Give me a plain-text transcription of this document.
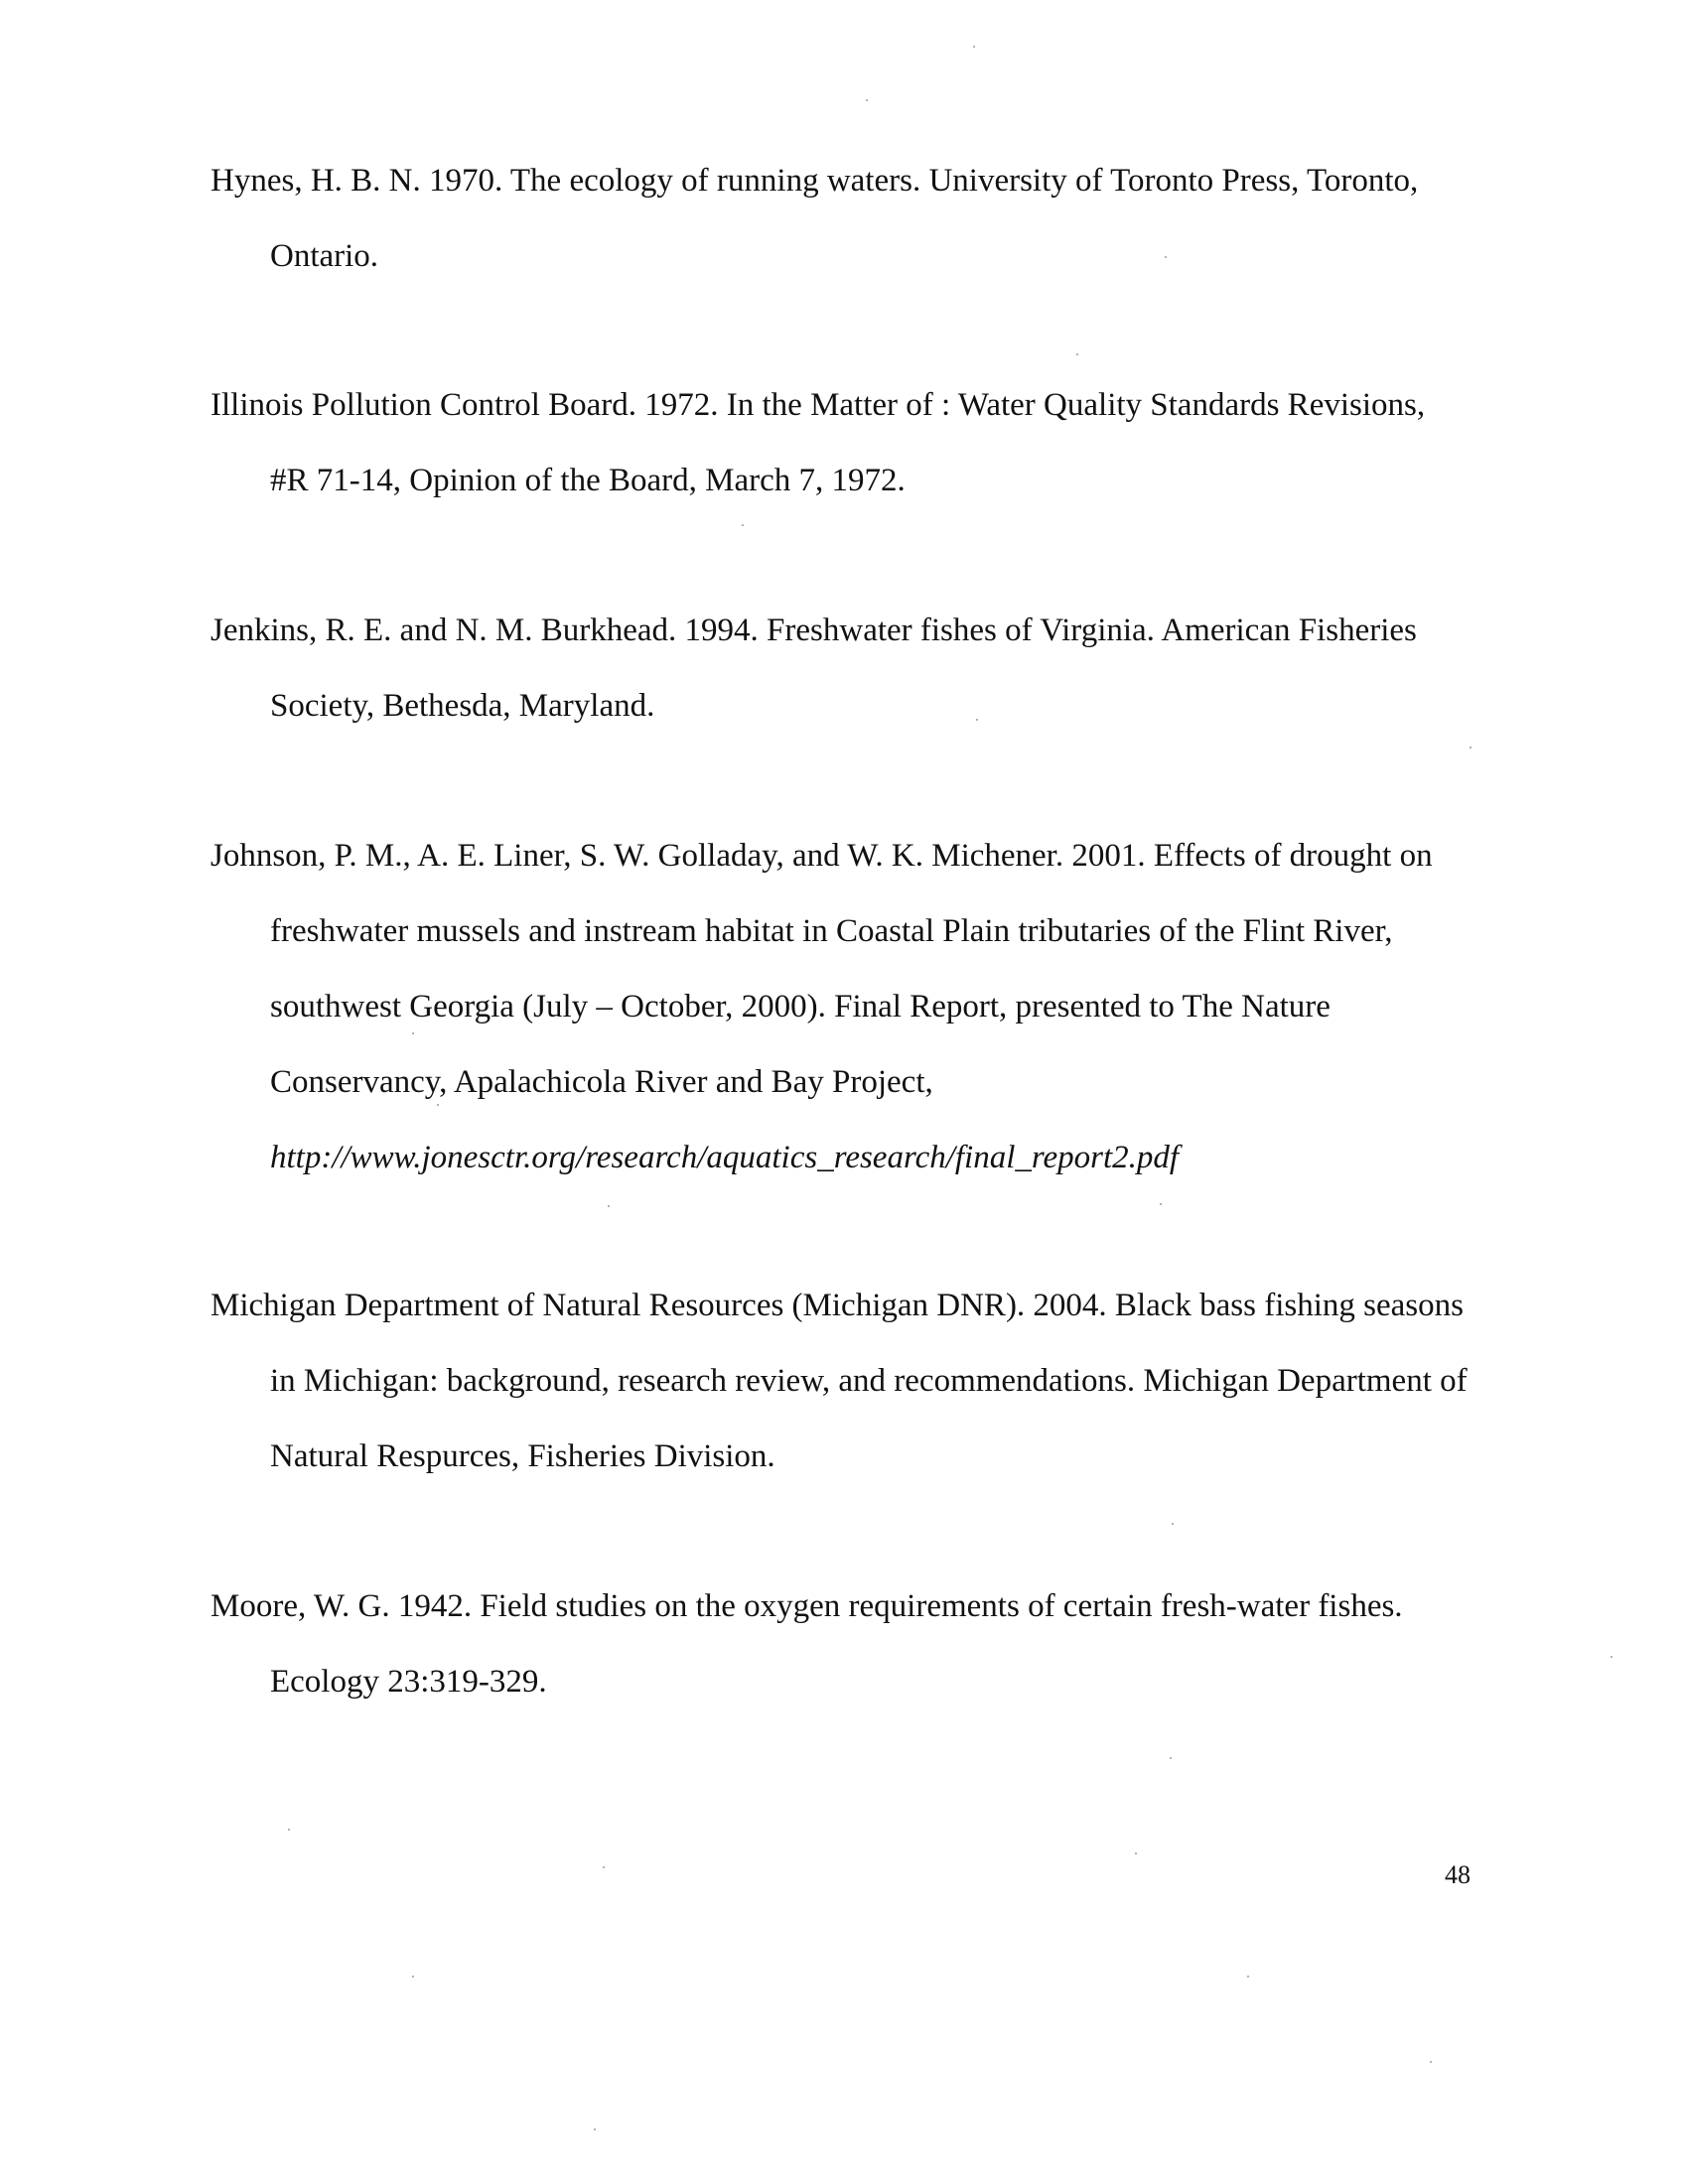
Hynes, H. B. N. 1970. The ecology of running waters. University of Toronto Press, Toronto,
Ontario.

Illinois Pollution Control Board. 1972. In the Matter of : Water Quality Standards Revisions,
#R 71-14, Opinion of the Board, March 7, 1972.

Jenkins, R. E. and N. M. Burkhead. 1994. Freshwater fishes of Virginia. American Fisheries
Society, Bethesda, Maryland.

Johnson, P. M., A. E. Liner, S. W. Golladay, and W. K. Michener. 2001. Effects of drought on
freshwater mussels and instream habitat in Coastal Plain tributaries of the Flint River,
southwest Georgia (July – October, 2000). Final Report, presented to The Nature
Conservancy, Apalachicola River and Bay Project,
http://www.jonesctr.org/research/aquatics_research/final_report2.pdf

Michigan Department of Natural Resources (Michigan DNR). 2004. Black bass fishing seasons
in Michigan: background, research review, and recommendations. Michigan Department of
Natural Respurces, Fisheries Division.

Moore, W. G. 1942. Field studies on the oxygen requirements of certain fresh-water fishes.
Ecology 23:319-329.

48
